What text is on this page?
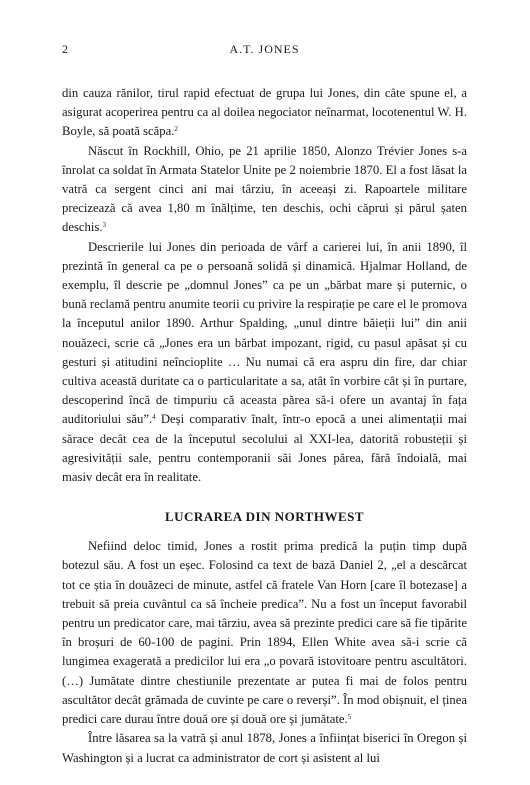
2	A.T. JONES

din cauza rănilor, tirul rapid efectuat de grupa lui Jones, din câte spune el, a asigurat acoperirea pentru ca al doilea negociator neînarmat, locotenentul W. H. Boyle, să poată scăpa.$^2$

Născut în Rockhill, Ohio, pe 21 aprilie 1850, Alonzo Trévier Jones s-a înrolat ca soldat în Armata Statelor Unite pe 2 noiembrie 1870. El a fost lăsat la vatră ca sergent cinci ani mai târziu, în aceeași zi. Rapoartele militare precizează că avea 1,80 m înălțime, ten deschis, ochi căprui și părul șaten deschis.$^3$

Descrierile lui Jones din perioada de vârf a carierei lui, în anii 1890, îl prezintă în general ca pe o persoană solidă și dinamică. Hjalmar Holland, de exemplu, îl descrie pe „domnul Jones” ca pe un „bărbat mare și puternic, o bună reclamă pentru anumite teorii cu privire la respirație pe care el le promova la începutul anilor 1890. Arthur Spalding, „unul dintre băieții lui” din anii nouăzeci, scrie că „Jones era un bărbat impozant, rigid, cu pasul apăsat și cu gesturi și atitudini neîncioplite … Nu numai că era aspru din fire, dar chiar cultiva această duritate ca o particularitate a sa, atât în vorbire cât și în purtare, descoperind încă de timpuriu că aceasta părea să-i ofere un avantaj în fața auditoriului său”.$^4$ Deși comparativ înalt, într-o epocă a unei alimentații mai sărace decât cea de la începutul secolului al XXI-lea, datorită robusteții și agresivității sale, pentru contemporanii săi Jones părea, fără îndoială, mai masiv decât era în realitate.

LUCRAREA DIN NORTHWEST

Nefiind deloc timid, Jones a rostit prima predică la puțin timp după botezul său. A fost un eșec. Folosind ca text de bază Daniel 2, „el a descărcat tot ce știa în douăzeci de minute, astfel că fratele Van Horn [care îl botezase] a trebuit să preia cuvântul ca să încheie predica”. Nu a fost un început favorabil pentru un predicator care, mai târziu, avea să prezinte predici care să fie tipărite în broșuri de 60-100 de pagini. Prin 1894, Ellen White avea să-i scrie că lungimea exagerată a predicilor lui era „o povară istovitoare pentru ascultători. (…) Jumătate dintre chestiunile prezentate ar putea fi mai de folos pentru ascultător decât grămada de cuvinte pe care o reverși”. În mod obișnuit, el ținea predici care durau între două ore și două ore și jumătate.$^5$

Între lăsarea sa la vatră și anul 1878, Jones a înființat biserici în Oregon și Washington și a lucrat ca administrator de cort și asistent al lui
